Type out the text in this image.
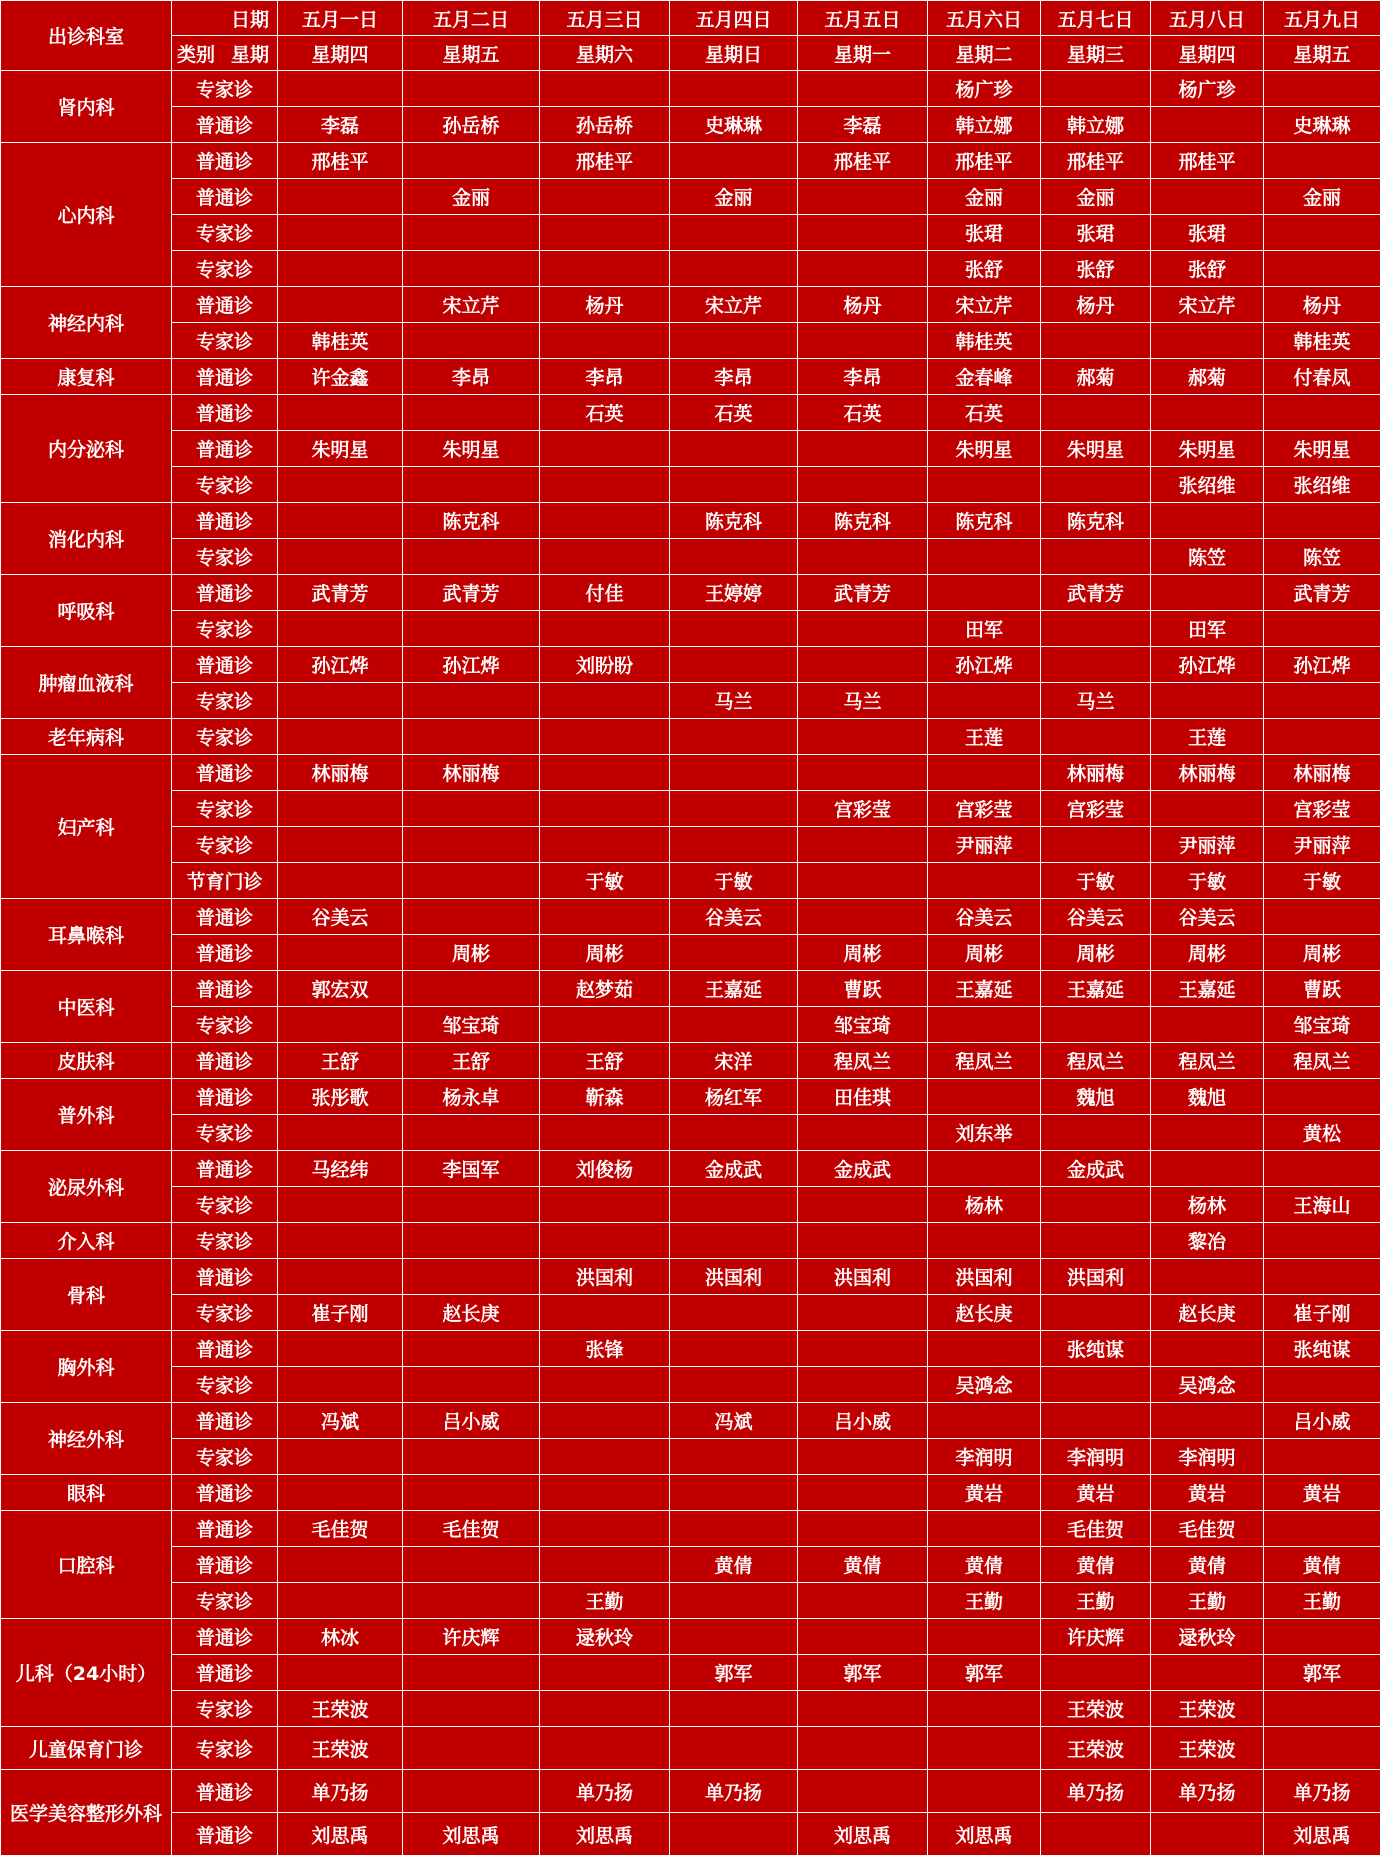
出诊科室	日期	五月一日	五月二日	五月三日	五月四日	五月五日	五月六日	五月七日	五月八日	五月九日

	类别 星期	星期四	星期五	星期六	星期日	星期一	星期二	星期三	星期四	星期五
肾内科	专家诊						杨广珍		杨广珍	
	普通诊	李磊	孙岳桥	孙岳桥	史琳琳	李磊	韩立娜	韩立娜		史琳琳
心内科	普通诊	邢桂平		邢桂平		邢桂平	邢桂平	邢桂平	邢桂平	
	普通诊		金丽		金丽		金丽	金丽		金丽
	专家诊						张珺	张珺	张珺	
	专家诊						张舒	张舒	张舒	
神经内科	普通诊		宋立芹	杨丹	宋立芹	杨丹	宋立芹	杨丹	宋立芹	杨丹
	专家诊	韩桂英					韩桂英			韩桂英
康复科	普通诊	许金鑫	李昂	李昂	李昂	李昂	金春峰	郝菊	郝菊	付春凤
内分泌科	普通诊			石英	石英	石英	石英			
	普通诊	朱明星	朱明星				朱明星	朱明星	朱明星	朱明星
	专家诊								张绍维	张绍维
消化内科	普通诊		陈克科		陈克科	陈克科	陈克科	陈克科		
	专家诊								陈笠	陈笠
呼吸科	普通诊	武青芳	武青芳	付佳	王婷婷	武青芳		武青芳		武青芳
	专家诊						田军		田军	
肿瘤血液科	普通诊	孙江烨	孙江烨	刘盼盼			孙江烨		孙江烨	孙江烨
	专家诊				马兰	马兰		马兰		
老年病科	专家诊						王莲		王莲	
妇产科	普通诊	林丽梅	林丽梅					林丽梅	林丽梅	林丽梅
	专家诊					宫彩莹	宫彩莹	宫彩莹		宫彩莹
	专家诊						尹丽萍		尹丽萍	尹丽萍
	节育门诊			于敏	于敏			于敏	于敏	于敏
耳鼻喉科	普通诊	谷美云			谷美云		谷美云	谷美云	谷美云	
	普通诊		周彬	周彬		周彬	周彬	周彬	周彬	周彬
中医科	普通诊	郭宏双		赵梦茹	王嘉延	曹跃	王嘉延	王嘉延	王嘉延	曹跃
	专家诊		邹宝琦			邹宝琦				邹宝琦
皮肤科	普通诊	王舒	王舒	王舒	宋洋	程凤兰	程凤兰	程凤兰	程凤兰	程凤兰
普外科	普通诊	张彤歌	杨永卓	靳森	杨红军	田佳琪		魏旭	魏旭	
	专家诊						刘东举			黄松
泌尿外科	普通诊	马经纬	李国军	刘俊杨	金成武	金成武		金成武		
	专家诊						杨林		杨林	王海山
介入科	专家诊								黎冶	
骨科	普通诊			洪国利	洪国利	洪国利	洪国利	洪国利		
	专家诊	崔子刚	赵长庚				赵长庚		赵长庚	崔子刚
胸外科	普通诊			张锋				张纯谋		张纯谋
	专家诊						吴鸿念		吴鸿念	
神经外科	普通诊	冯斌	吕小威		冯斌	吕小威				吕小威
	专家诊						李润明	李润明	李润明	
眼科	普通诊						黄岩	黄岩	黄岩	黄岩
口腔科	普通诊	毛佳贺	毛佳贺					毛佳贺	毛佳贺	
	普通诊				黄倩	黄倩	黄倩	黄倩	黄倩	黄倩
	专家诊			王勤			王勤	王勤	王勤	王勤
儿科（24小时）	普通诊	林冰	许庆辉	逯秋玲				许庆辉	逯秋玲	
	普通诊				郭军	郭军	郭军			郭军
	专家诊	王荣波						王荣波	王荣波	
儿童保育门诊	专家诊	王荣波						王荣波	王荣波	
医学美容整形外科	普通诊	单乃扬		单乃扬	单乃扬			单乃扬	单乃扬	单乃扬
	普通诊	刘思禹	刘思禹	刘思禹		刘思禹	刘思禹			刘思禹
